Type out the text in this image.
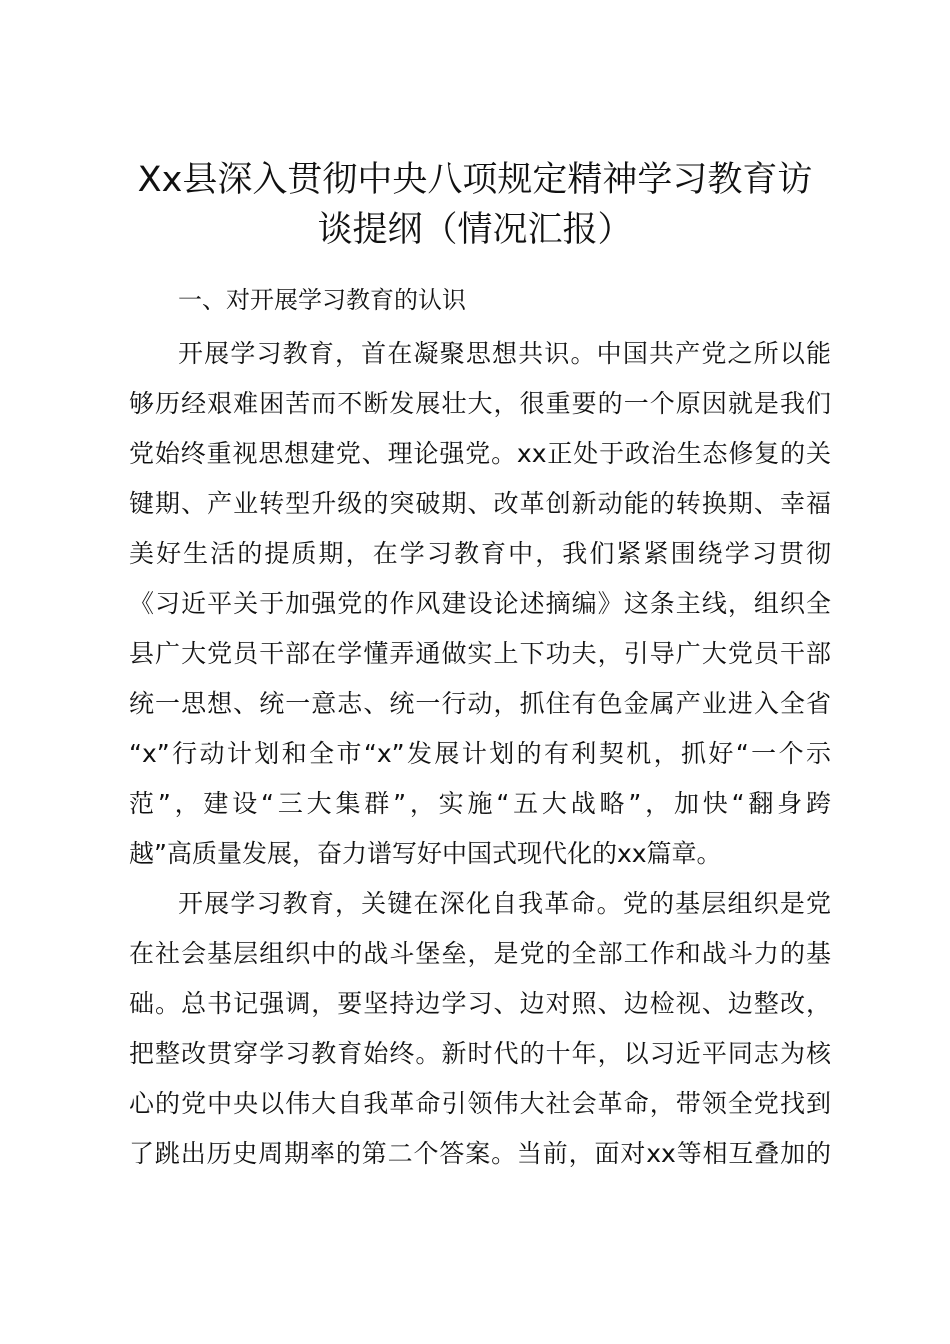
Xx县深入贯彻中央八项规定精神学习教育访
谈提纲（情况汇报）
一、对开展学习教育的认识

开展学习教育，首在凝聚思想共识。中国共产党之所以能

够历经艰难困苦而不断发展壮大，很重要的一个原因就是我们

党始终重视思想建党、理论强党。xx正处于政治生态修复的关

键期、产业转型升级的突破期、改革创新动能的转换期、幸福

美好生活的提质期，在学习教育中，我们紧紧围绕学习贯彻

《习近平关于加强党的作风建设论述摘编》这条主线，组织全

县广大党员干部在学懂弄通做实上下功夫，引导广大党员干部

统一思想、统一意志、统一行动，抓住有色金属产业进入全省

“x”行动计划和全市“x”发展计划的有利契机，抓好“一个示

范”，建设“三大集群”，实施“五大战略”，加快“翻身跨

越”高质量发展，奋力谱写好中国式现代化的xx篇章。

开展学习教育，关键在深化自我革命。党的基层组织是党

在社会基层组织中的战斗堡垒，是党的全部工作和战斗力的基

础。总书记强调，要坚持边学习、边对照、边检视、边整改，

把整改贯穿学习教育始终。新时代的十年，以习近平同志为核

心的党中央以伟大自我革命引领伟大社会革命，带领全党找到

了跳出历史周期率的第二个答案。当前，面对xx等相互叠加的
